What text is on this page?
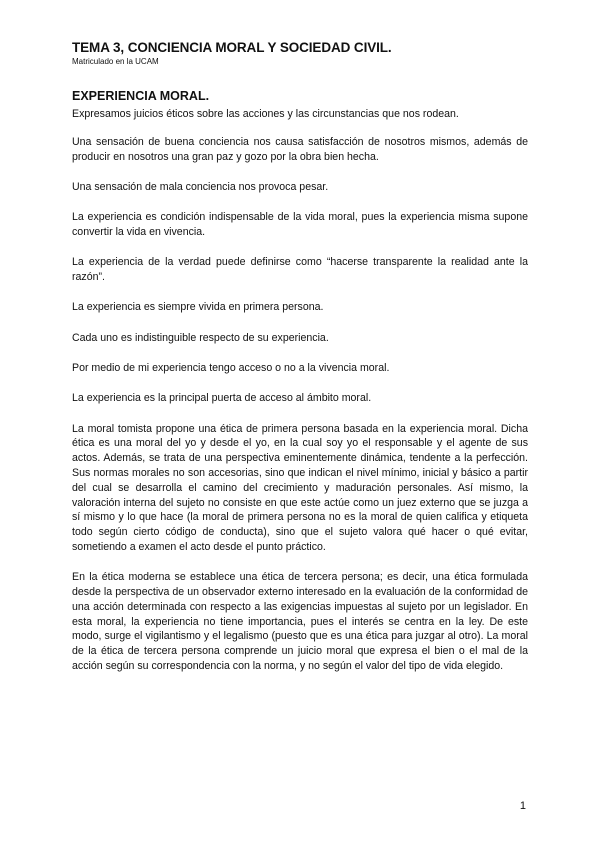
TEMA 3, CONCIENCIA MORAL Y SOCIEDAD CIVIL.

Matriculado en la UCAM

EXPERIENCIA MORAL.

Expresamos juicios éticos sobre las acciones y las circunstancias que nos rodean.

Una sensación de buena conciencia nos causa satisfacción de nosotros mismos, además de producir en nosotros una gran paz y gozo por la obra bien hecha.

Una sensación de mala conciencia nos provoca pesar.

La experiencia es condición indispensable de la vida moral, pues la experiencia misma supone convertir la vida en vivencia.

La experiencia de la verdad puede definirse como “hacerse transparente la realidad ante la razón”.

La experiencia es siempre vivida en primera persona.

Cada uno es indistinguible respecto de su experiencia.

Por medio de mi experiencia tengo acceso o no a la vivencia moral.

La experiencia es la principal puerta de acceso al ámbito moral.

La moral tomista propone una ética de primera persona basada en la experiencia moral. Dicha ética es una moral del yo y desde el yo, en la cual soy yo el responsable y el agente de sus actos. Además, se trata de una perspectiva eminentemente dinámica, tendente a la perfección. Sus normas morales no son accesorias, sino que indican el nivel mínimo, inicial y básico a partir del cual se desarrolla el camino del crecimiento y maduración personales. Así mismo, la valoración interna del sujeto no consiste en que este actúe como un juez externo que se juzga a sí mismo y lo que hace (la moral de primera persona no es la moral de quien califica y etiqueta todo según cierto código de conducta), sino que el sujeto valora qué hacer o qué evitar, sometiendo a examen el acto desde el punto práctico.

En la ética moderna se establece una ética de tercera persona; es decir, una ética formulada desde la perspectiva de un observador externo interesado en la evaluación de la conformidad de una acción determinada con respecto a las exigencias impuestas al sujeto por un legislador. En esta moral, la experiencia no tiene importancia, pues el interés se centra en la ley. De este modo, surge el vigilantismo y el legalismo (puesto que es una ética para juzgar al otro). La moral de la ética de tercera persona comprende un juicio moral que expresa el bien o el mal de la acción según su correspondencia con la norma, y no según el valor del tipo de vida elegido.

1
